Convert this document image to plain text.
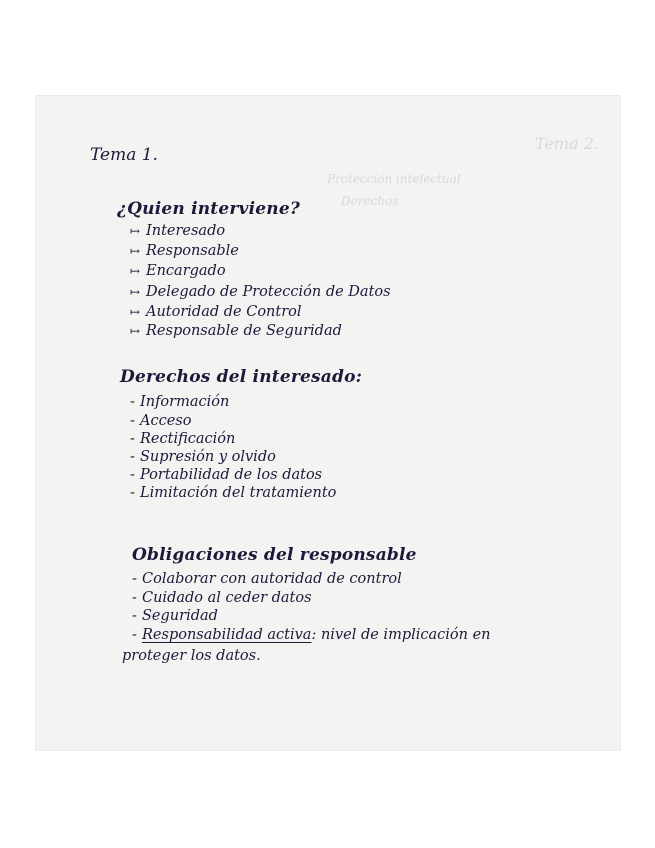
Tema 2.
Protección intelectual
Derechos
Tema 1.
¿Quien interviene?
↦ Interesado
↦ Responsable
↦ Encargado
↦ Delegado de Protección de Datos
↦ Autoridad de Control
↦ Responsable de Seguridad
Derechos del interesado:
- Información
- Acceso
- Rectificación
- Supresión y olvido
- Portabilidad de los datos
- Limitación del tratamiento
Obligaciones del responsable
- Colaborar con autoridad de control
- Cuidado al ceder datos
- Seguridad
- Responsabilidad activa: nivel de implicación en
proteger los datos.
